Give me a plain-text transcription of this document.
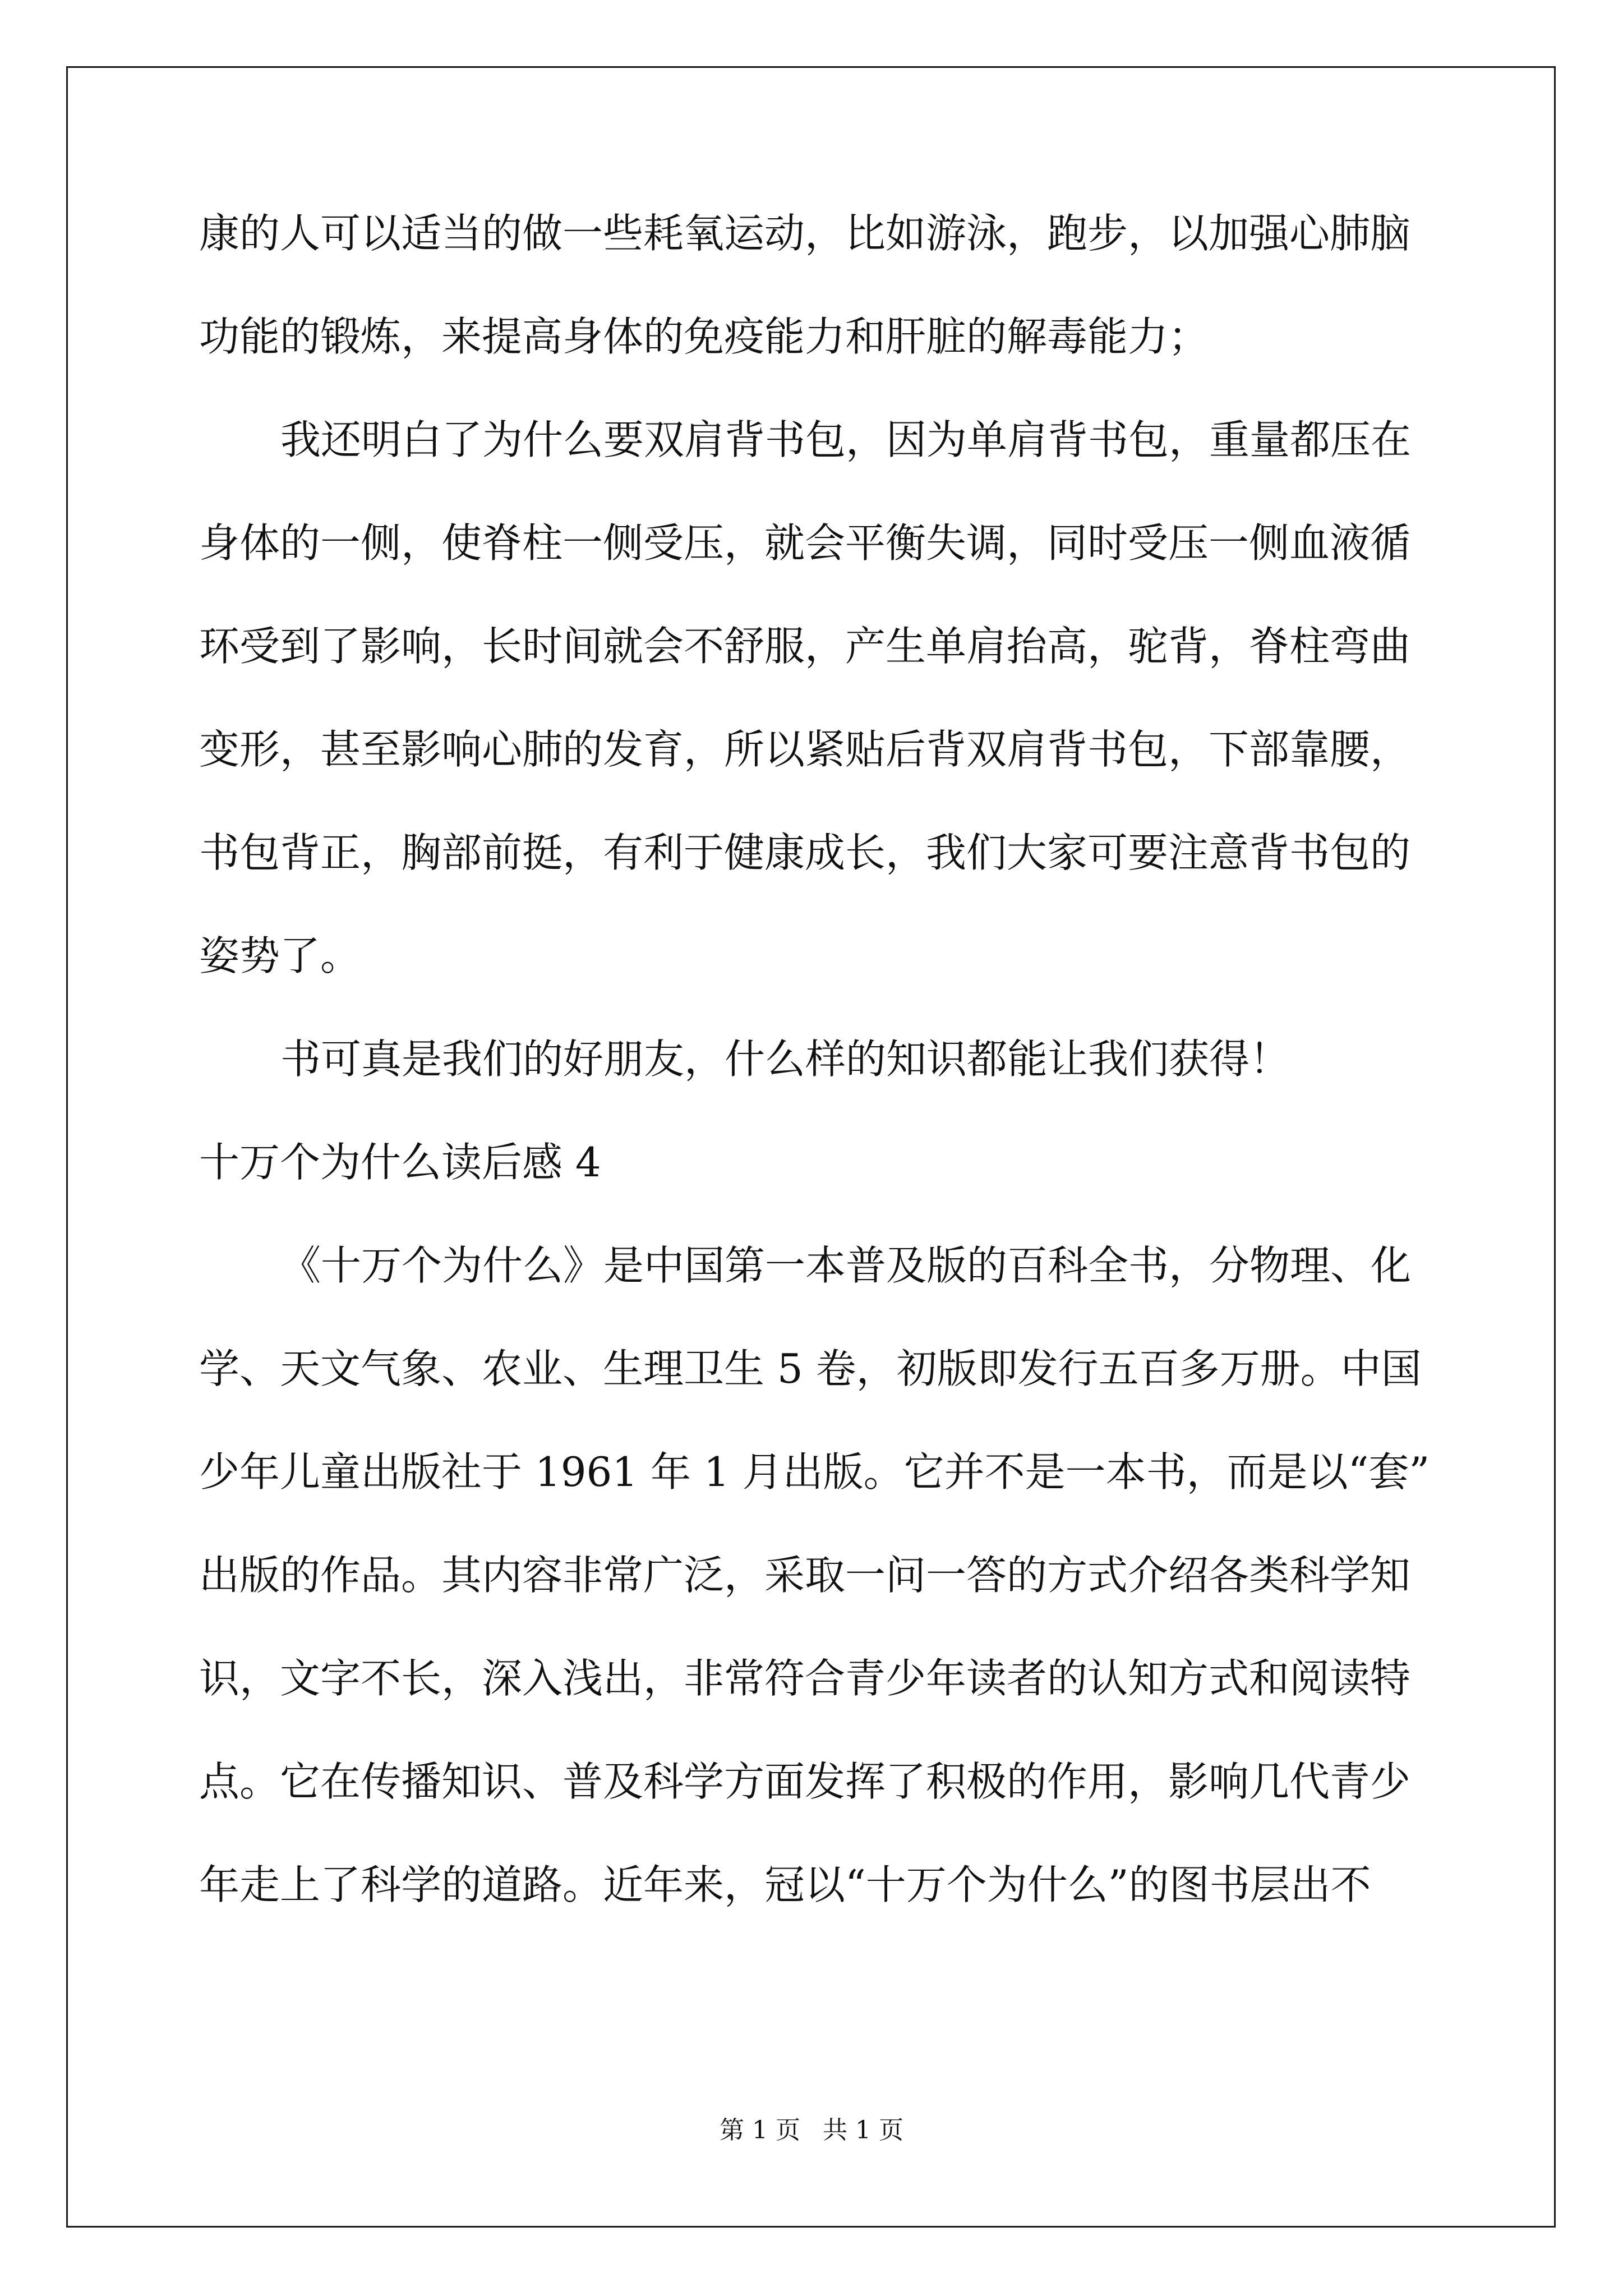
康的人可以适当的做一些耗氧运动，比如游泳，跑步，以加强心肺脑
功能的锻炼，来提高身体的免疫能力和肝脏的解毒能力；
我还明白了为什么要双肩背书包，因为单肩背书包，重量都压在
身体的一侧，使脊柱一侧受压，就会平衡失调，同时受压一侧血液循
环受到了影响，长时间就会不舒服，产生单肩抬高，驼背，脊柱弯曲
变形，甚至影响心肺的发育，所以紧贴后背双肩背书包，下部靠腰，
书包背正，胸部前挺，有利于健康成长，我们大家可要注意背书包的
姿势了。
书可真是我们的好朋友，什么样的知识都能让我们获得！
十万个为什么读后感 4
《十万个为什么》是中国第一本普及版的百科全书，分物理、化
学、天文气象、农业、生理卫生 5 卷，初版即发行五百多万册。中国
少年儿童出版社于 1961 年 1 月出版。它并不是一本书，而是以“套”
出版的作品。其内容非常广泛，采取一问一答的方式介绍各类科学知
识，文字不长，深入浅出，非常符合青少年读者的认知方式和阅读特
点。它在传播知识、普及科学方面发挥了积极的作用，影响几代青少
年走上了科学的道路。近年来，冠以“十万个为什么”的图书层出不
第 1 页 共 1 页
